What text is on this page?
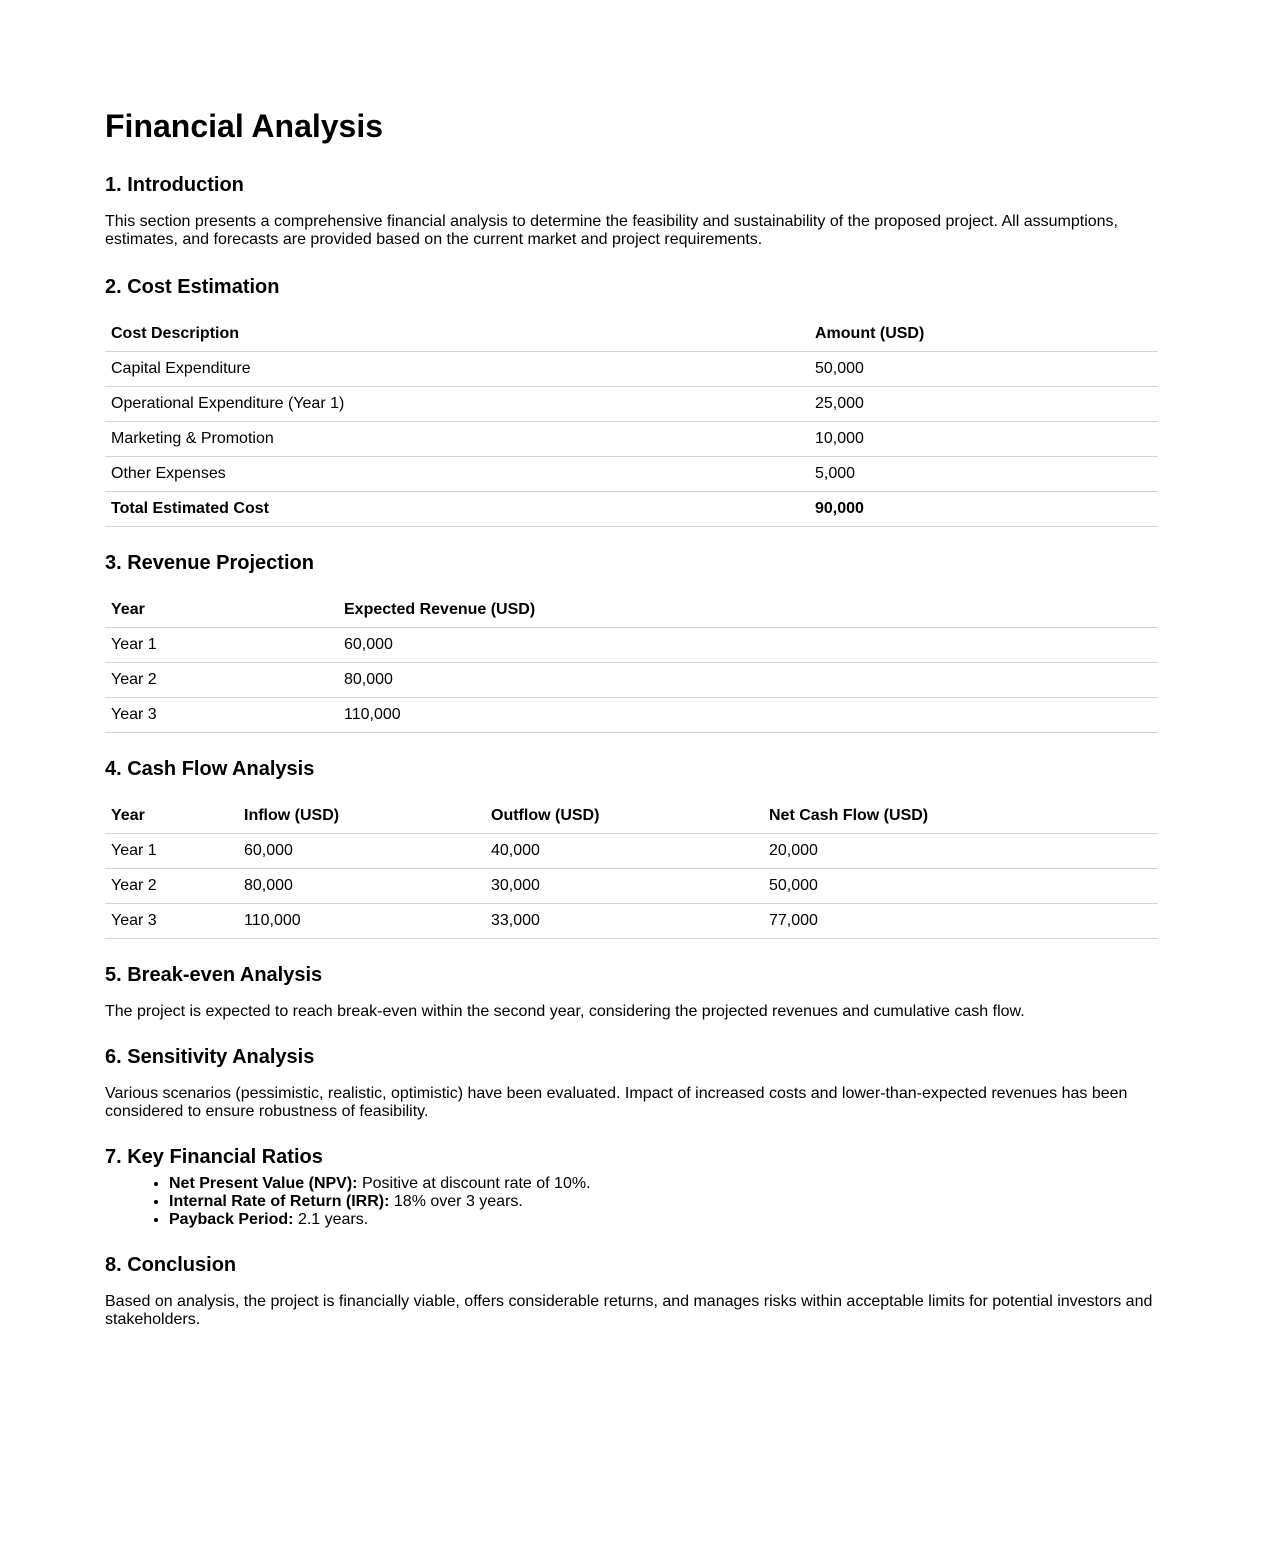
Financial Analysis
1. Introduction

This section presents a comprehensive financial analysis to determine the feasibility and sustainability of the proposed project. All assumptions, estimates, and forecasts are provided based on the current market and project requirements.

2. Cost Estimation
Cost Description	Amount (USD)
Capital Expenditure	50,000
Operational Expenditure (Year 1)	25,000
Marketing & Promotion	10,000
Other Expenses	5,000
Total Estimated Cost	90,000
3. Revenue Projection
Year	Expected Revenue (USD)
Year 1	60,000
Year 2	80,000
Year 3	110,000
4. Cash Flow Analysis
Year	Inflow (USD)	Outflow (USD)	Net Cash Flow (USD)
Year 1	60,000	40,000	20,000
Year 2	80,000	30,000	50,000
Year 3	110,000	33,000	77,000
5. Break-even Analysis

The project is expected to reach break-even within the second year, considering the projected revenues and cumulative cash flow.

6. Sensitivity Analysis

Various scenarios (pessimistic, realistic, optimistic) have been evaluated. Impact of increased costs and lower-than-expected revenues has been considered to ensure robustness of feasibility.

7. Key Financial Ratios
• Net Present Value (NPV): Positive at discount rate of 10%.
• Internal Rate of Return (IRR): 18% over 3 years.
• Payback Period: 2.1 years.
8. Conclusion

Based on analysis, the project is financially viable, offers considerable returns, and manages risks within acceptable limits for potential investors and stakeholders.
